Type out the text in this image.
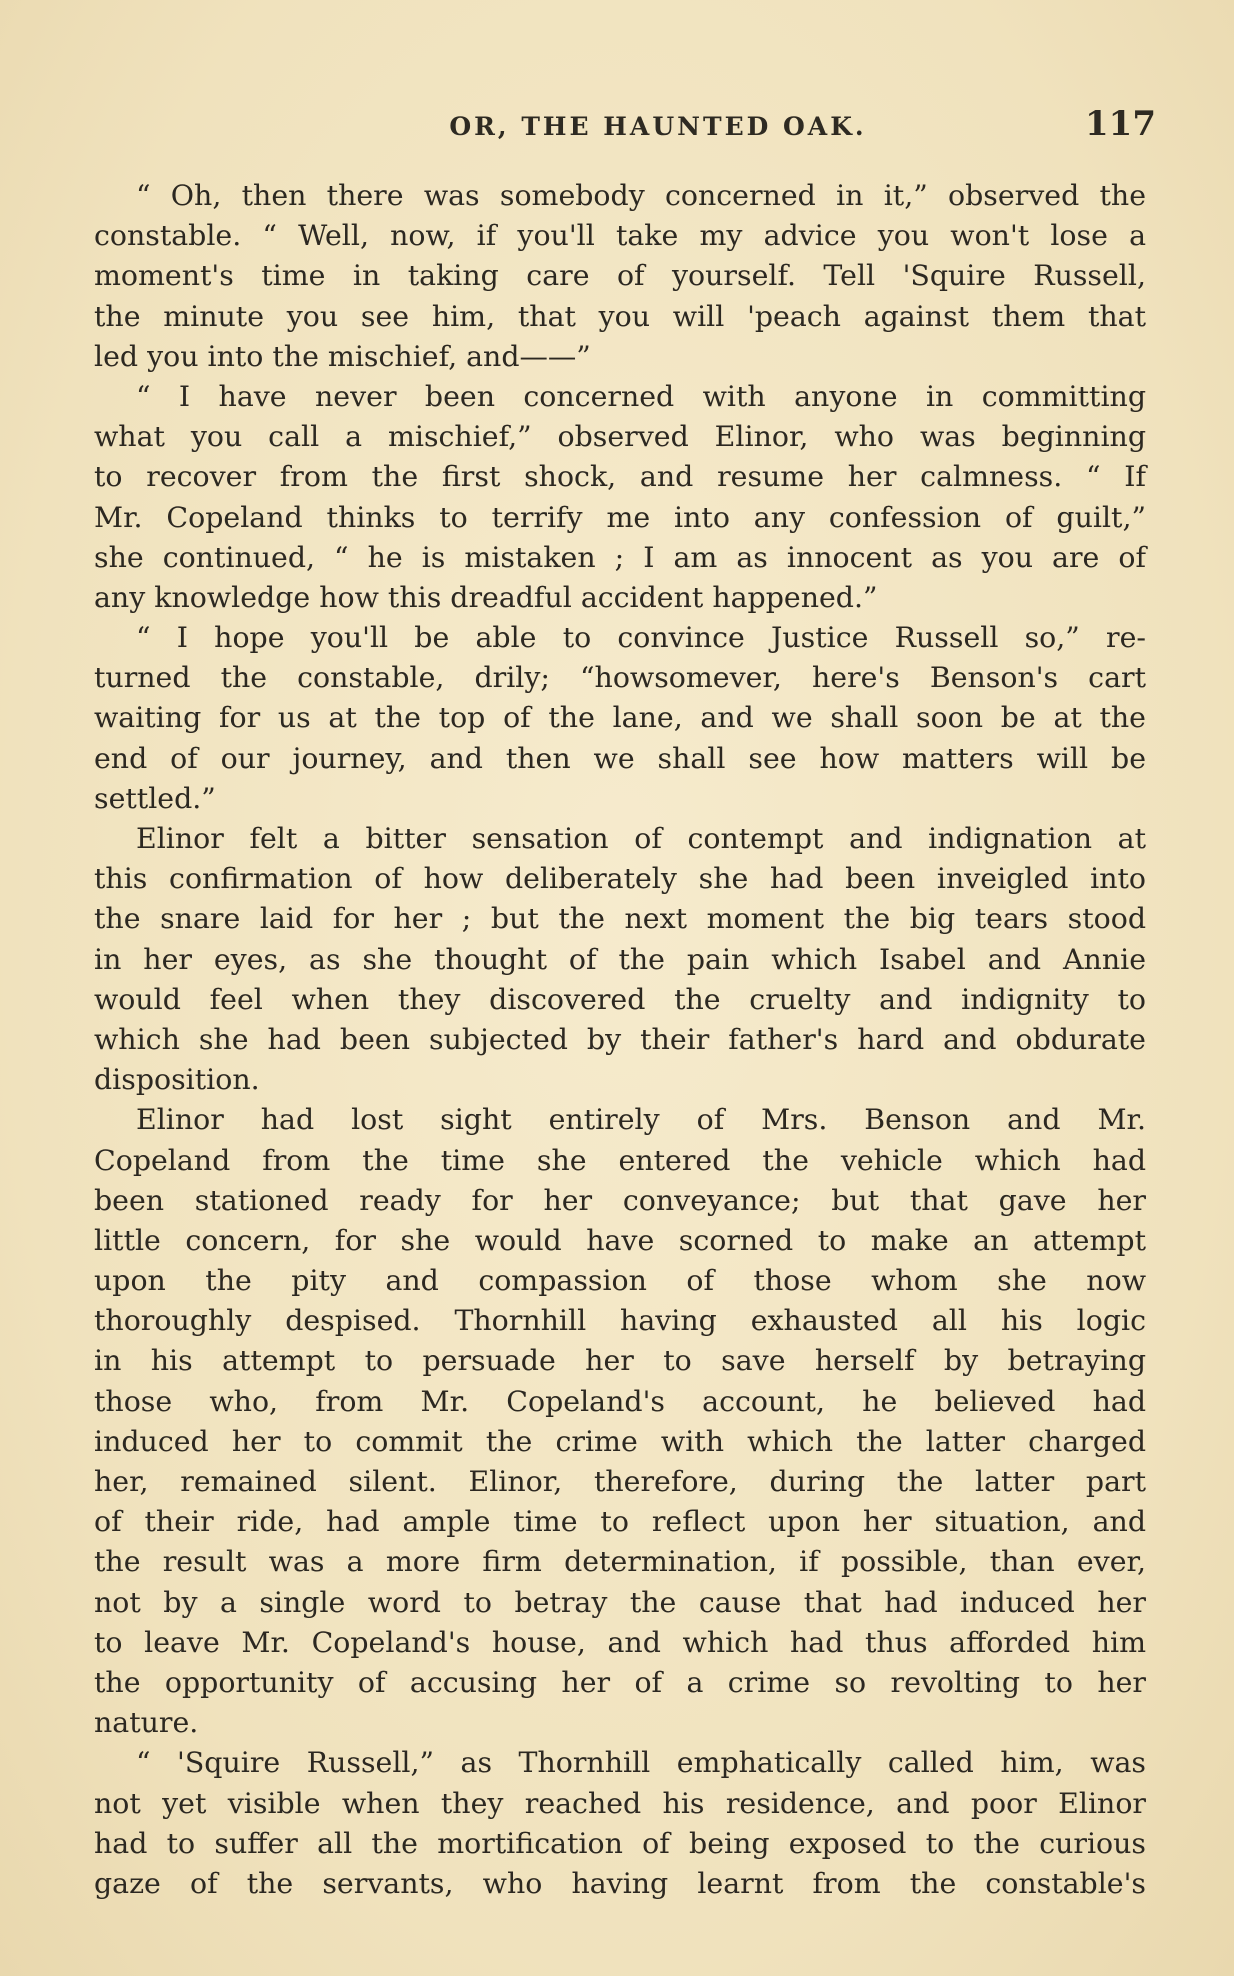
OR, THE HAUNTED OAK.	117
“ Oh, then there was somebody concerned in it,” observed the
constable. “ Well, now, if you'll take my advice you won't lose a
moment's time in taking care of yourself. Tell 'Squire Russell,
the minute you see him, that you will 'peach against them that
led you into the mischief, and——”
“ I have never been concerned with anyone in committing
what you call a mischief,” observed Elinor, who was beginning
to recover from the first shock, and resume her calmness. “ If
Mr. Copeland thinks to terrify me into any confession of guilt,”
she continued, “ he is mistaken ; I am as innocent as you are of
any knowledge how this dreadful accident happened.”
“ I hope you'll be able to convince Justice Russell so,” re-
turned the constable, drily; “howsomever, here's Benson's cart
waiting for us at the top of the lane, and we shall soon be at the
end of our journey, and then we shall see how matters will be
settled.”
Elinor felt a bitter sensation of contempt and indignation at
this confirmation of how deliberately she had been inveigled into
the snare laid for her ; but the next moment the big tears stood
in her eyes, as she thought of the pain which Isabel and Annie
would feel when they discovered the cruelty and indignity to
which she had been subjected by their father's hard and obdurate
disposition.
Elinor had lost sight entirely of Mrs. Benson and Mr.
Copeland from the time she entered the vehicle which had
been stationed ready for her conveyance; but that gave her
little concern, for she would have scorned to make an attempt
upon the pity and compassion of those whom she now
thoroughly despised. Thornhill having exhausted all his logic
in his attempt to persuade her to save herself by betraying
those who, from Mr. Copeland's account, he believed had
induced her to commit the crime with which the latter charged
her, remained silent. Elinor, therefore, during the latter part
of their ride, had ample time to reflect upon her situation, and
the result was a more firm determination, if possible, than ever,
not by a single word to betray the cause that had induced her
to leave Mr. Copeland's house, and which had thus afforded him
the opportunity of accusing her of a crime so revolting to her
nature.
“ 'Squire Russell,” as Thornhill emphatically called him, was
not yet visible when they reached his residence, and poor Elinor
had to suffer all the mortification of being exposed to the curious
gaze of the servants, who having learnt from the constable's
